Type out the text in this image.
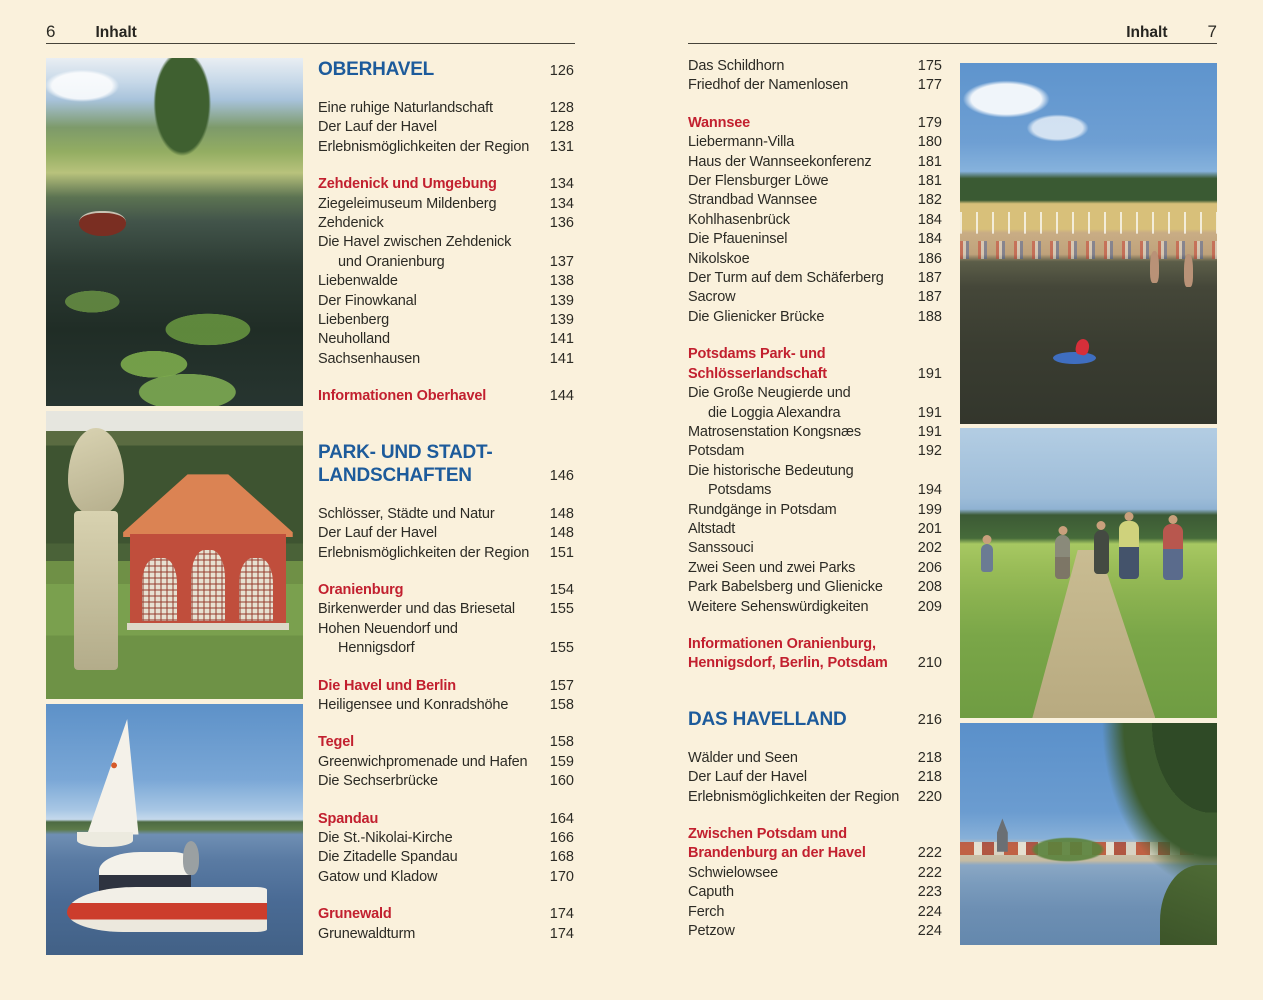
6	Inhalt
OBERHAVEL	126
Eine ruhige Naturlandschaft	128
Der Lauf der Havel	128
Erlebnismöglichkeiten der Region	131
Zehdenick und Umgebung	134
Ziegeleimuseum Mildenberg	134
Zehdenick	136
Die Havel zwischen Zehdenick
und Oranienburg	137
Liebenwalde	138
Der Finowkanal	139
Liebenberg	139
Neuholland	141
Sachsenhausen	141
Informationen Oberhavel	144
PARK- UND STADT-
LANDSCHAFTEN	146
Schlösser, Städte und Natur	148
Der Lauf der Havel	148
Erlebnismöglichkeiten der Region	151
Oranienburg	154
Birkenwerder und das Briesetal	155
Hohen Neuendorf und
Hennigsdorf	155
Die Havel und Berlin	157
Heiligensee und Konradshöhe	158
Tegel	158
Greenwichpromenade und Hafen	159
Die Sechserbrücke	160
Spandau	164
Die St.-Nikolai-Kirche	166
Die Zitadelle Spandau	168
Gatow und Kladow	170
Grunewald	174
Grunewaldturm	174
Inhalt 7
Das Schildhorn	175
Friedhof der Namenlosen	177
Wannsee	179
Liebermann-Villa	180
Haus der Wannseekonferenz	181
Der Flensburger Löwe	181
Strandbad Wannsee	182
Kohlhasenbrück	184
Die Pfaueninsel	184
Nikolskoe	186
Der Turm auf dem Schäferberg	187
Sacrow	187
Die Glienicker Brücke	188
Potsdams Park- und
Schlösserlandschaft	191
Die Große Neugierde und
die Loggia Alexandra	191
Matrosenstation Kongsnæs	191
Potsdam	192
Die historische Bedeutung
Potsdams	194
Rundgänge in Potsdam	199
Altstadt	201
Sanssouci	202
Zwei Seen und zwei Parks	206
Park Babelsberg und Glienicke	208
Weitere Sehenswürdigkeiten	209
Informationen Oranienburg,
Hennigsdorf, Berlin, Potsdam	210
DAS HAVELLAND	216
Wälder und Seen	218
Der Lauf der Havel	218
Erlebnismöglichkeiten der Region	220
Zwischen Potsdam und
Brandenburg an der Havel	222
Schwielowsee	222
Caputh	223
Ferch	224
Petzow	224
